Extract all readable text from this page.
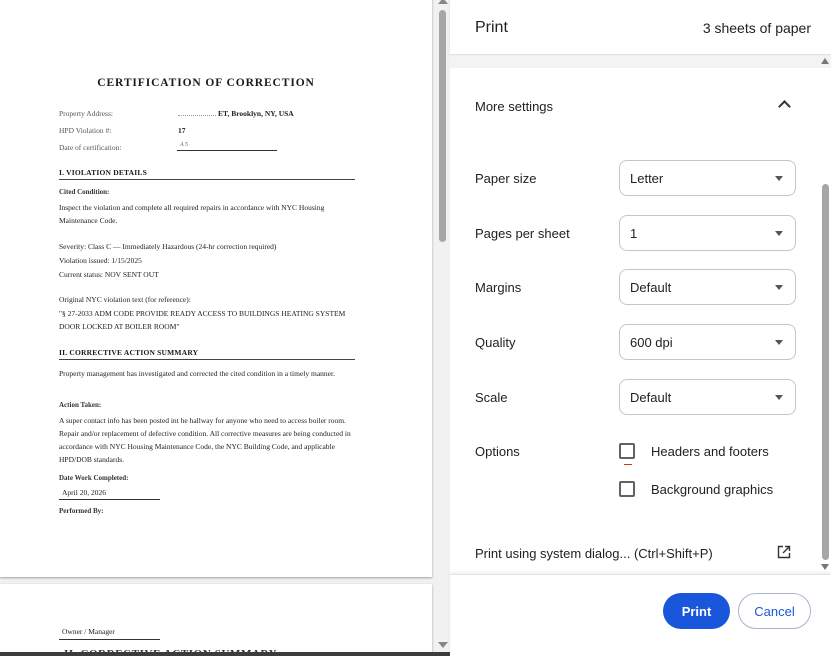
CERTIFICATION OF CORRECTION
Property Address:	ET, Brooklyn, NY, USA
HPD Violation #:	17
Date of certification:	A 5
I. VIOLATION DETAILS
Cited Condition:
Inspect the violation and complete all required repairs in accordance with NYC Housing Maintenance Code.
Severity: Class C — Immediately Hazardous (24-hr correction required)
Violation issued: 1/15/2025
Current status: NOV SENT OUT
Original NYC violation text (for reference):
"§ 27-2033 ADM CODE PROVIDE READY ACCESS TO BUILDINGS HEATING SYSTEM DOOR LOCKED AT BOILER ROOM"
II. CORRECTIVE ACTION SUMMARY
Property management has investigated and corrected the cited condition in a timely manner.
Action Taken:
A super contact info has been posted int he hallway for anyone who need to access boiler room. Repair and/or replacement of defective condition. All corrective measures are being conducted in accordance with NYC Housing Maintenance Code, the NYC Building Code, and applicable HPD/DOB standards.
Date Work Completed:
April 20, 2026
Performed By:
Owner / Manager
Print	3 sheets of paper
More settings
Paper size	Letter
Pages per sheet	1
Margins	Default
Quality	600 dpi
Scale	Default
Options	Headers and footers
Background graphics
Print using system dialog... (Ctrl+Shift+P)
Print	Cancel
